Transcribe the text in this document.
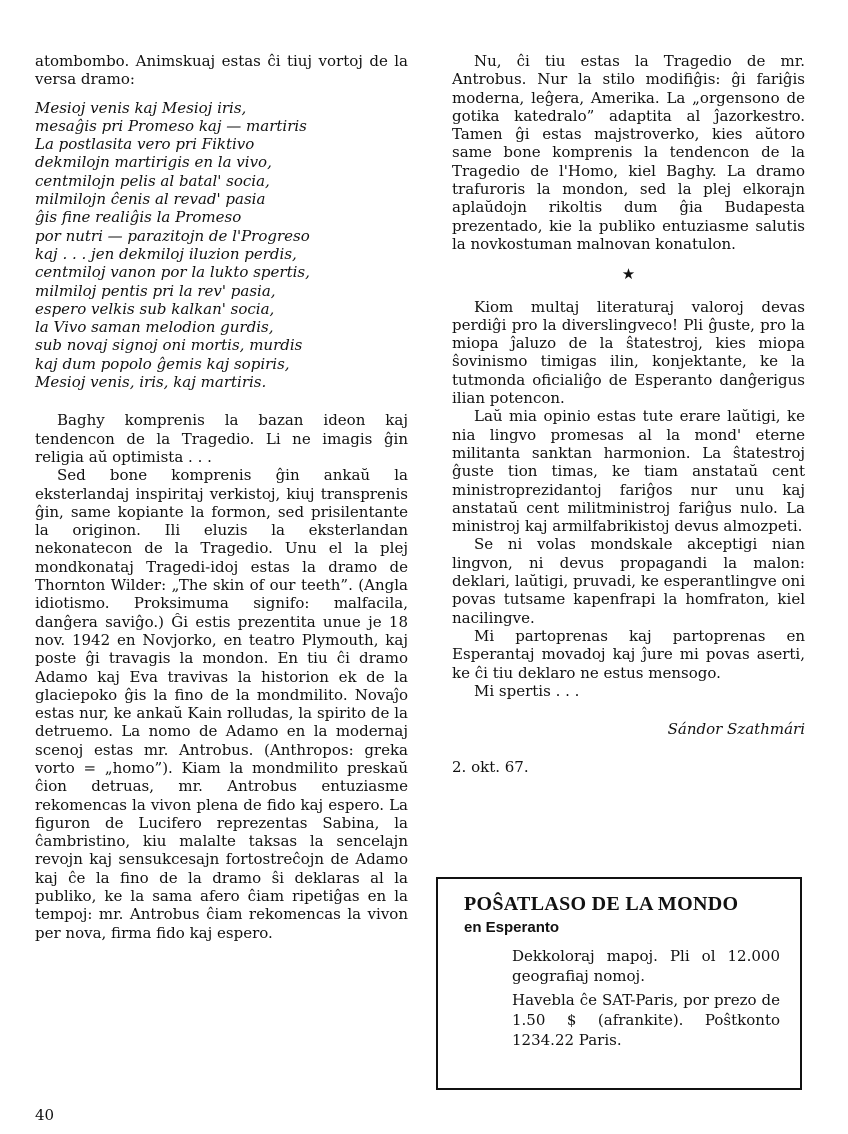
atombombo. Animskuaj estas ĉi tiuj vortoj de la versa dramo:

Mesioj venis kaj Mesioj iris,
mesaĝis pri Promeso kaj — martiris
La postlasita vero pri Fiktivo
dekmilojn martirigis en la vivo,
centmilojn pelis al batal' socia,
milmilojn ĉenis al revad' pasia
ĝis fine realiĝis la Promeso
por nutri — parazitojn de l'Progreso
kaj . . . jen dekmiloj iluzion perdis,
centmiloj vanon por la lukto spertis,
milmiloj pentis pri la rev' pasia,
espero velkis sub kalkan' socia,
la Vivo saman melodion gurdis,
sub novaj signoj oni mortis, murdis
kaj dum popolo ĝemis kaj sopiris,
Mesioj venis, iris, kaj martiris.

Baghy komprenis la bazan ideon kaj tendencon de la Tragedio. Li ne imagis ĝin religia aŭ optimista . . .

Sed bone komprenis ĝin ankaŭ la eksterlandaj inspiritaj verkistoj, kiuj transprenis ĝin, same kopiante la formon, sed prisilentante la originon. Ili eluzis la eksterlandan nekonatecon de la Tragedio. Unu el la plej mondkonataj Tragedi-idoj estas la dramo de Thornton Wilder: „The skin of our teeth”. (Angla idiotismo. Proksimuma signifo: malfacila, danĝera saviĝo.) Ĝi estis prezentita unue je 18 nov. 1942 en Novjorko, en teatro Plymouth, kaj poste ĝi travagis la mondon. En tiu ĉi dramo Adamo kaj Eva travivas la historion ek de la glaciepoko ĝis la fino de la mondmilito. Novaĵo estas nur, ke ankaŭ Kain rolludas, la spirito de la detruemo. La nomo de Adamo en la modernaj scenoj estas mr. Antrobus. (Anthropos: greka vorto = „homo”). Kiam la mondmilito preskaŭ ĉion detruas, mr. Antrobus entuziasme rekomencas la vivon plena de fido kaj espero. La figuron de Lucifero reprezentas Sabina, la ĉambristino, kiu malalte taksas la sencelajn revojn kaj sensukcesajn fortostreĉojn de Adamo kaj ĉe la fino de la dramo ŝi deklaras al la publiko, ke la sama afero ĉiam ripetiĝas en la tempoj: mr. Antrobus ĉiam rekomencas la vivon per nova, firma fido kaj espero.

Nu, ĉi tiu estas la Tragedio de mr. Antrobus. Nur la stilo modifiĝis: ĝi fariĝis moderna, leĝera, Amerika. La „orgensono de gotika katedralo” adaptita al ĵazorkestro. Tamen ĝi estas majstroverko, kies aŭtoro same bone komprenis la tendencon de la Tragedio de l'Homo, kiel Baghy. La dramo trafuroris la mondon, sed la plej elkorajn aplaŭdojn rikoltis dum ĝia Budapesta prezentado, kie la publiko entuziasme salutis la novkostuman malnovan konatulon.

★

Kiom multaj literaturaj valoroj devas perdiĝi pro la diverslingveco! Pli ĝuste, pro la miopa ĵaluzo de la ŝtatestroj, kies miopa ŝovinismo timigas ilin, konjektante, ke la tutmonda oficialiĝo de Esperanto danĝerigus ilian potencon.

Laŭ mia opinio estas tute erare laŭtigi, ke nia lingvo promesas al la mond' eterne militanta sanktan harmonion. La ŝtatestroj ĝuste tion timas, ke tiam anstataŭ cent ministroprezidantoj fariĝos nur unu kaj anstataŭ cent militministroj fariĝus nulo. La ministroj kaj armilfabrikistoj devus almozpeti.

Se ni volas mondskale akceptigi nian lingvon, ni devus propagandi la malon: deklari, laŭtigi, pruvadi, ke esperantlingve oni povas tutsame kapenfrapi la homfraton, kiel nacilingve.

Mi partoprenas kaj partoprenas en Esperantaj movadoj kaj ĵure mi povas aserti, ke ĉi tiu deklaro ne estus mensogo.

Mi spertis . . .

Sándor Szathmári
2. okt. 67.
POŜATLASO DE LA MONDO
en Esperanto

Dekkoloraj mapoj. Pli ol 12.000 geografiaj nomoj.

Havebla ĉe SAT-Paris, por prezo de 1.50 $ (afrankite). Poŝtkonto 1234.22 Paris.

40
